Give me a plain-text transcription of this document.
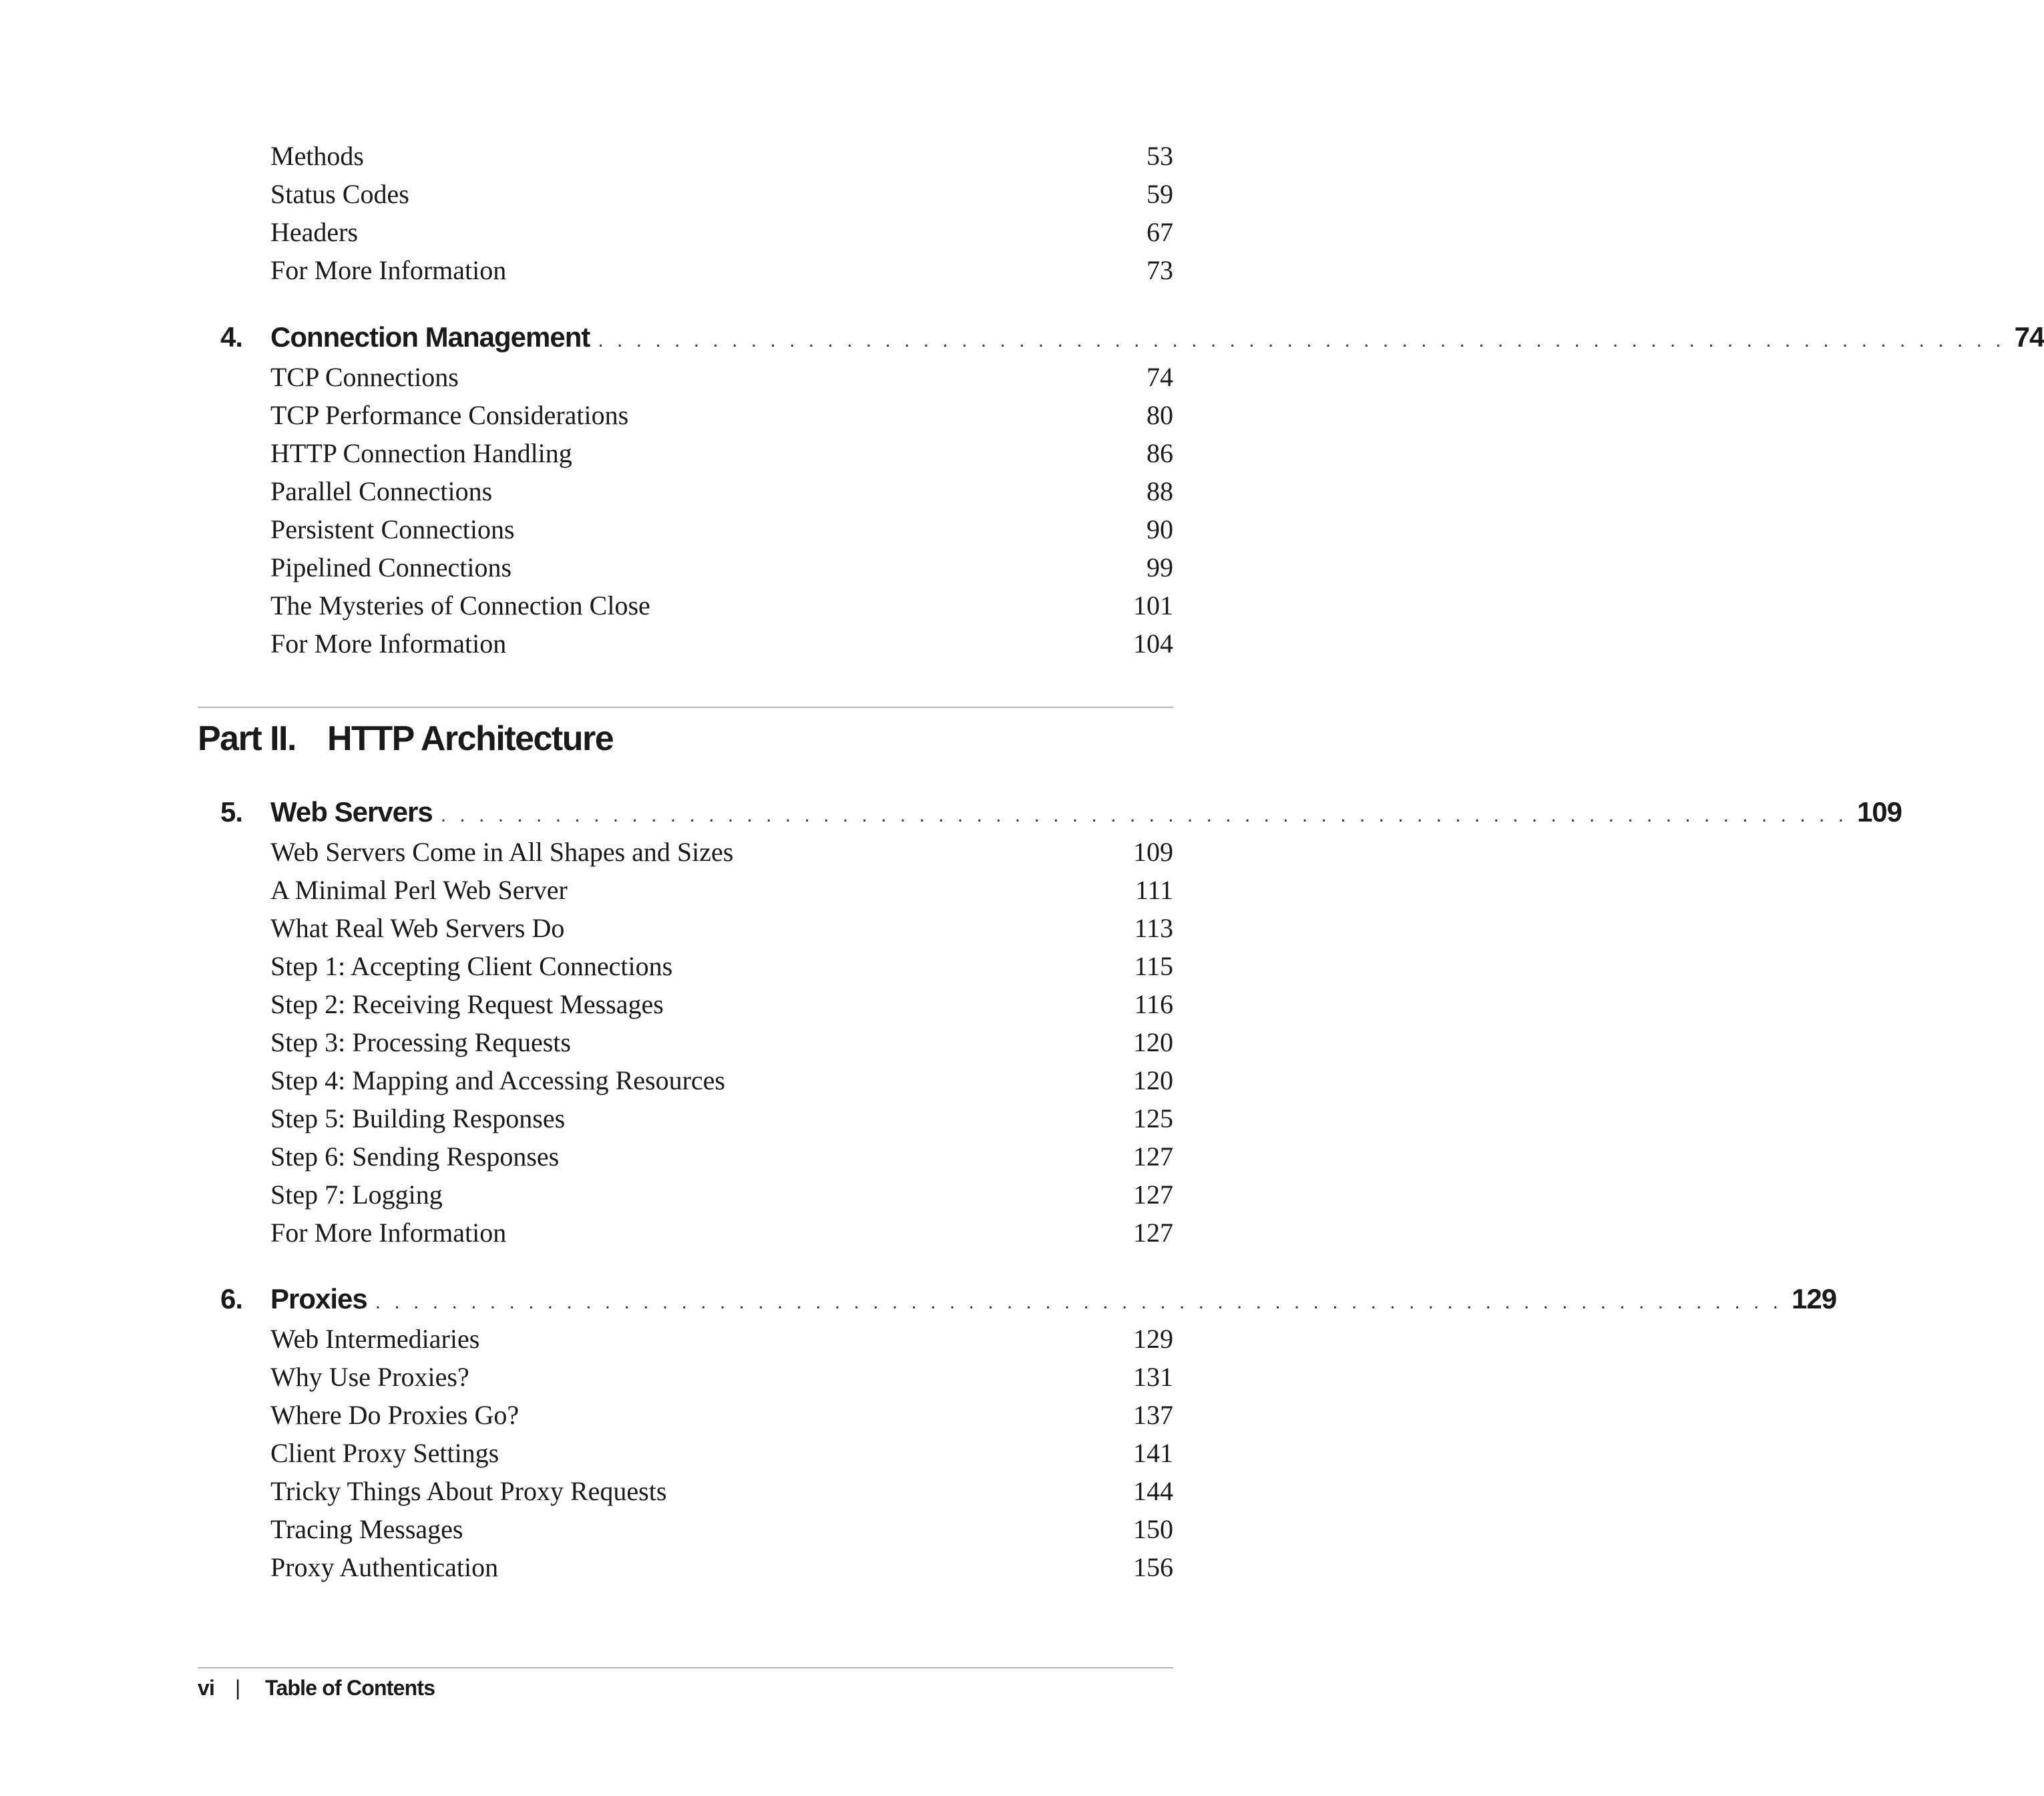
Methods	53
Status Codes	59
Headers	67
For More Information	73
4. Connection Management . . . . . . . . . . . . . . . . . . . . . . . . . . . . . . . . . . . . . . . . . . . . . . . . . . . . . . . . . . . . . . . . . . . . . . . . . . 74
TCP Connections	74
TCP Performance Considerations	80
HTTP Connection Handling	86
Parallel Connections	88
Persistent Connections	90
Pipelined Connections	99
The Mysteries of Connection Close	101
For More Information	104
Part II. HTTP Architecture
5. Web Servers . . . . . . . . . . . . . . . . . . . . . . . . . . . . . . . . . . . . . . . . . . . . . . . . . . . . . . . . . . . . . . . . . . . . . . . . . . 109
Web Servers Come in All Shapes and Sizes	109
A Minimal Perl Web Server	111
What Real Web Servers Do	113
Step 1: Accepting Client Connections	115
Step 2: Receiving Request Messages	116
Step 3: Processing Requests	120
Step 4: Mapping and Accessing Resources	120
Step 5: Building Responses	125
Step 6: Sending Responses	127
Step 7: Logging	127
For More Information	127
6. Proxies . . . . . . . . . . . . . . . . . . . . . . . . . . . . . . . . . . . . . . . . . . . . . . . . . . . . . . . . . . . . . . . . . . . . . . . . . . 129
Web Intermediaries	129
Why Use Proxies?	131
Where Do Proxies Go?	137
Client Proxy Settings	141
Tricky Things About Proxy Requests	144
Tracing Messages	150
Proxy Authentication	156
vi | Table of Contents
